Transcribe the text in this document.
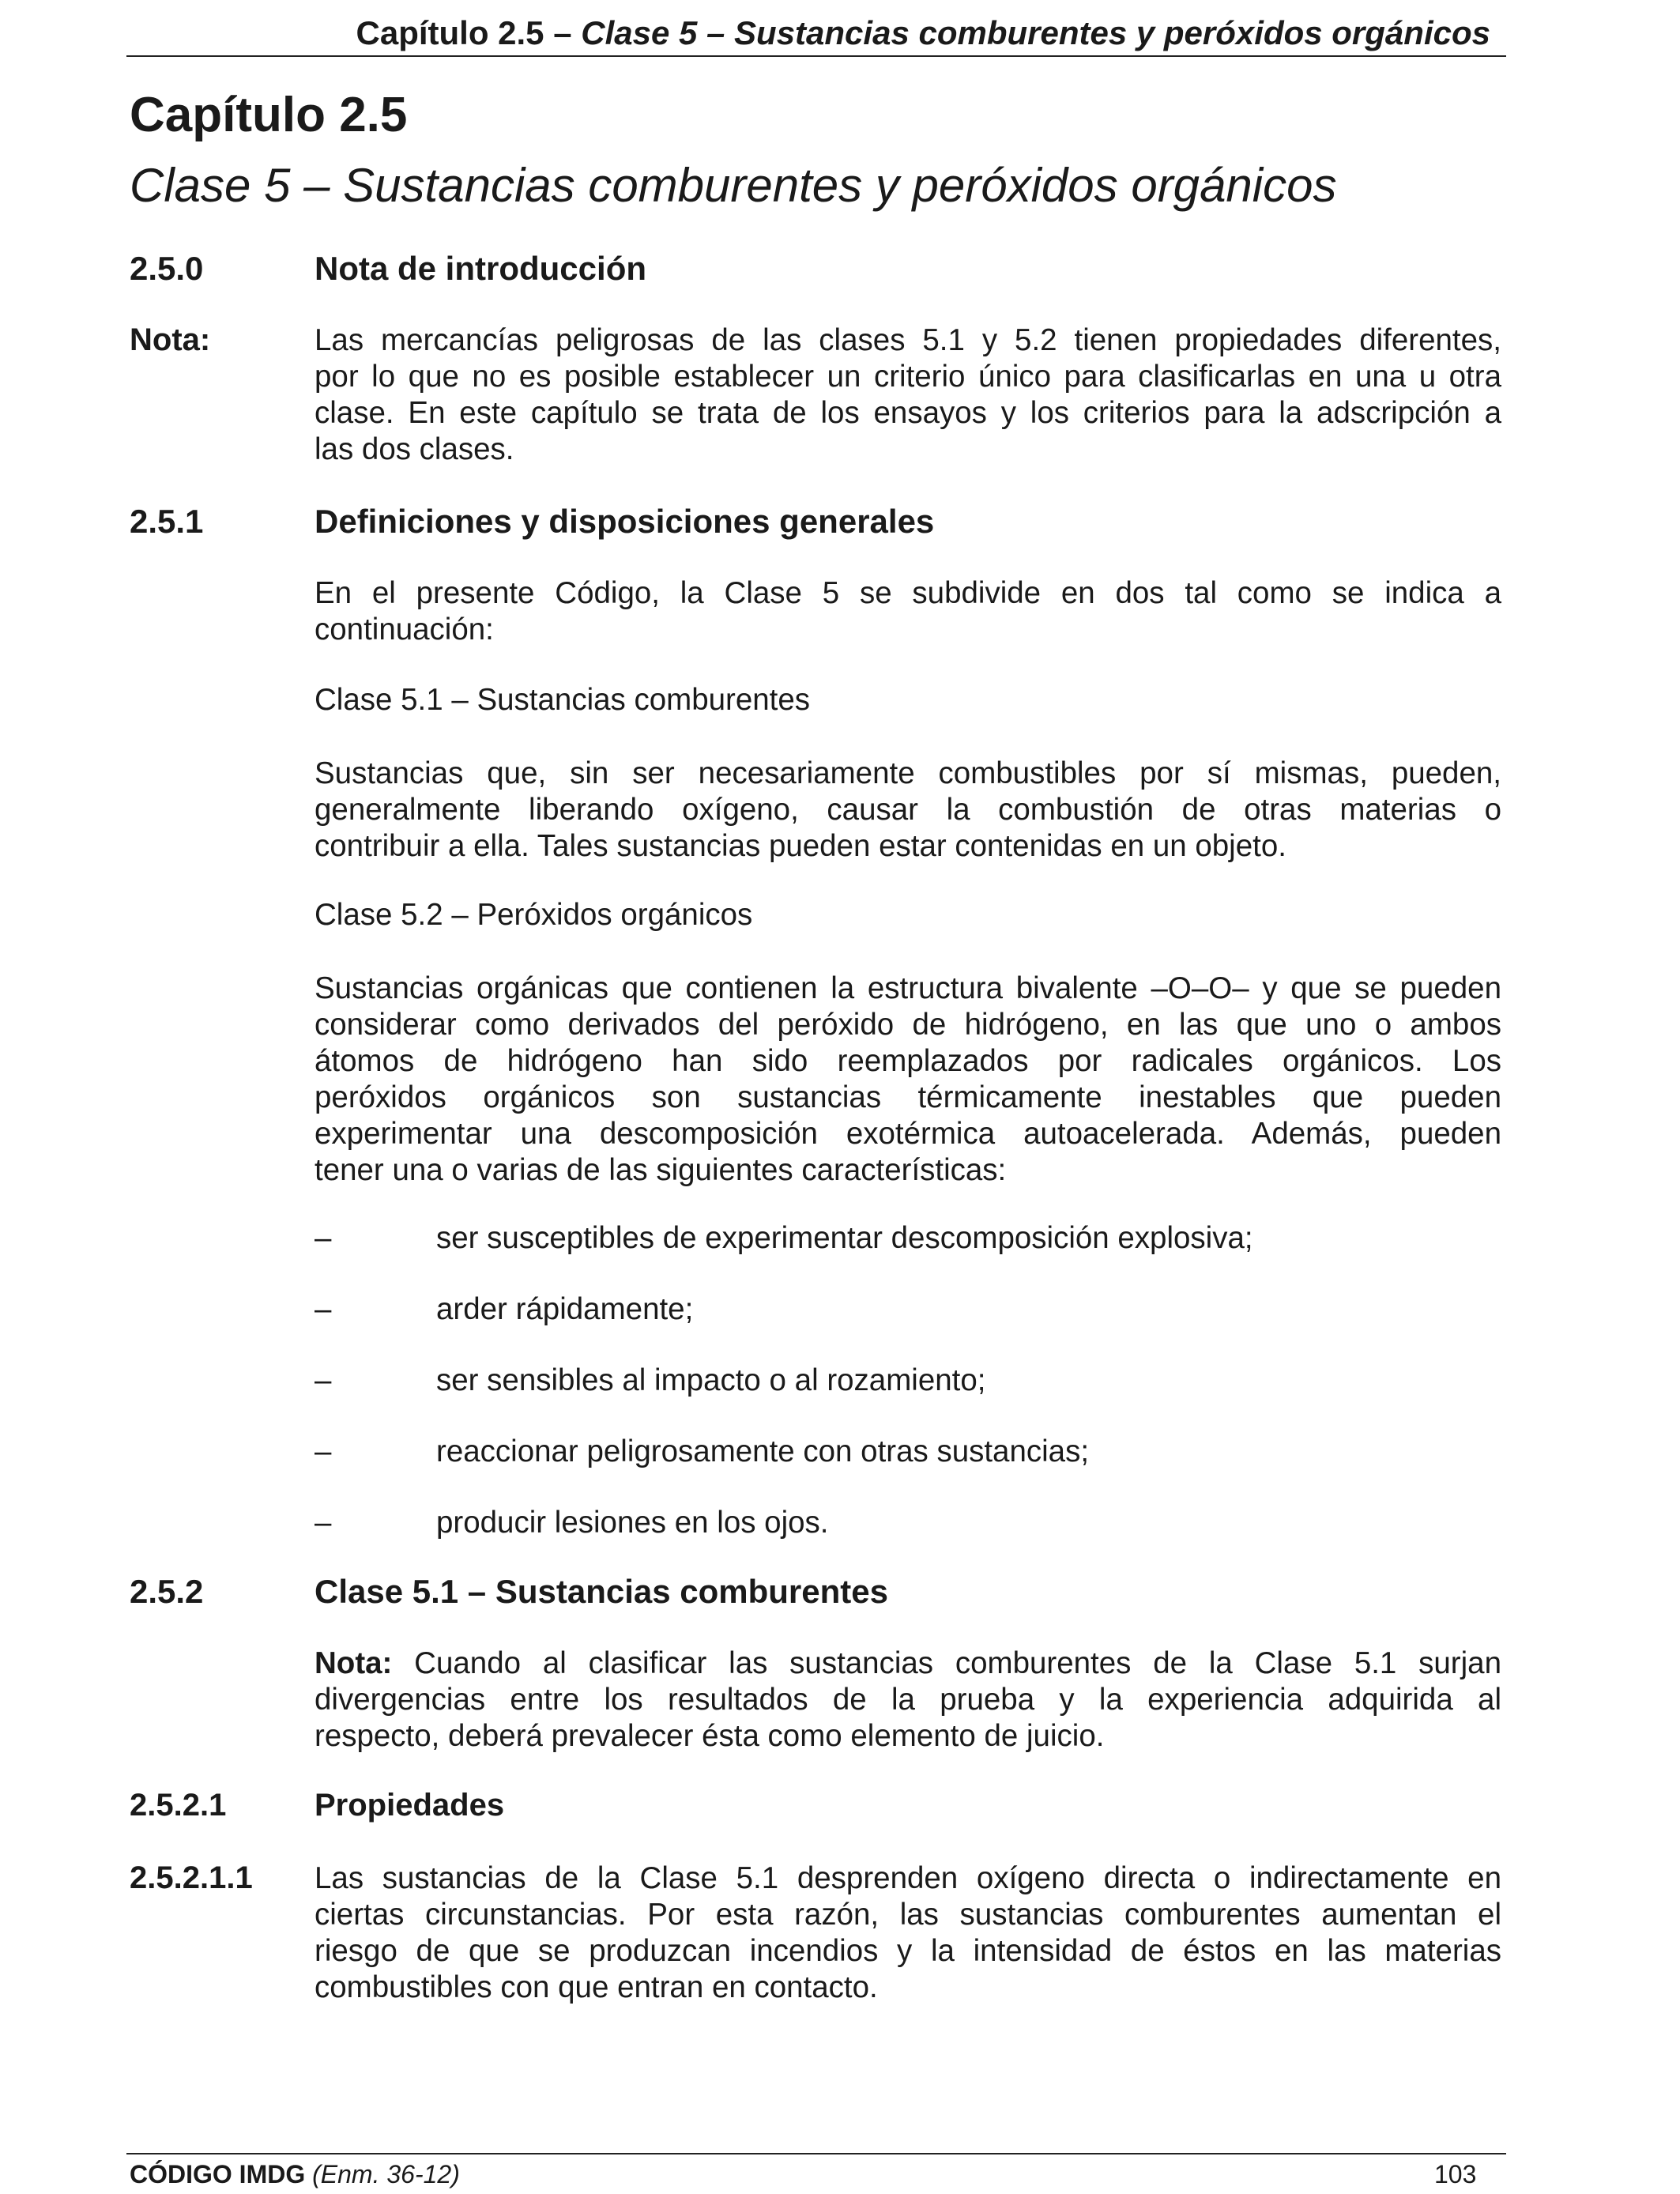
Capítulo 2.5 – Clase 5 – Sustancias comburentes y peróxidos orgánicos
Capítulo 2.5
Clase 5 – Sustancias comburentes y peróxidos orgánicos
2.5.0	Nota de introducción
Nota:	Las mercancías peligrosas de las clases 5.1 y 5.2 tienen propiedades diferentes,
por lo que no es posible establecer un criterio único para clasificarlas en una u otra
clase. En este capítulo se trata de los ensayos y los criterios para la adscripción a
las dos clases.
2.5.1	Definiciones y disposiciones generales
En el presente Código, la Clase 5 se subdivide en dos tal como se indica a
continuación:
Clase 5.1 – Sustancias comburentes
Sustancias que, sin ser necesariamente combustibles por sí mismas, pueden,
generalmente liberando oxígeno, causar la combustión de otras materias o
contribuir a ella. Tales sustancias pueden estar contenidas en un objeto.
Clase 5.2 – Peróxidos orgánicos
Sustancias orgánicas que contienen la estructura bivalente –O–O– y que se pueden
considerar como derivados del peróxido de hidrógeno, en las que uno o ambos
átomos de hidrógeno han sido reemplazados por radicales orgánicos. Los
peróxidos orgánicos son sustancias térmicamente inestables que pueden
experimentar una descomposición exotérmica autoacelerada. Además, pueden
tener una o varias de las siguientes características:
–	ser susceptibles de experimentar descomposición explosiva;
–	arder rápidamente;
–	ser sensibles al impacto o al rozamiento;
–	reaccionar peligrosamente con otras sustancias;
–	producir lesiones en los ojos.
2.5.2	Clase 5.1 – Sustancias comburentes
Nota: Cuando al clasificar las sustancias comburentes de la Clase 5.1 surjan
divergencias entre los resultados de la prueba y la experiencia adquirida al
respecto, deberá prevalecer ésta como elemento de juicio.
2.5.2.1	Propiedades
2.5.2.1.1 Las sustancias de la Clase 5.1 desprenden oxígeno directa o indirectamente en
ciertas circunstancias. Por esta razón, las sustancias comburentes aumentan el
riesgo de que se produzcan incendios y la intensidad de éstos en las materias
combustibles con que entran en contacto.
CÓDIGO IMDG (Enm. 36-12)	103
